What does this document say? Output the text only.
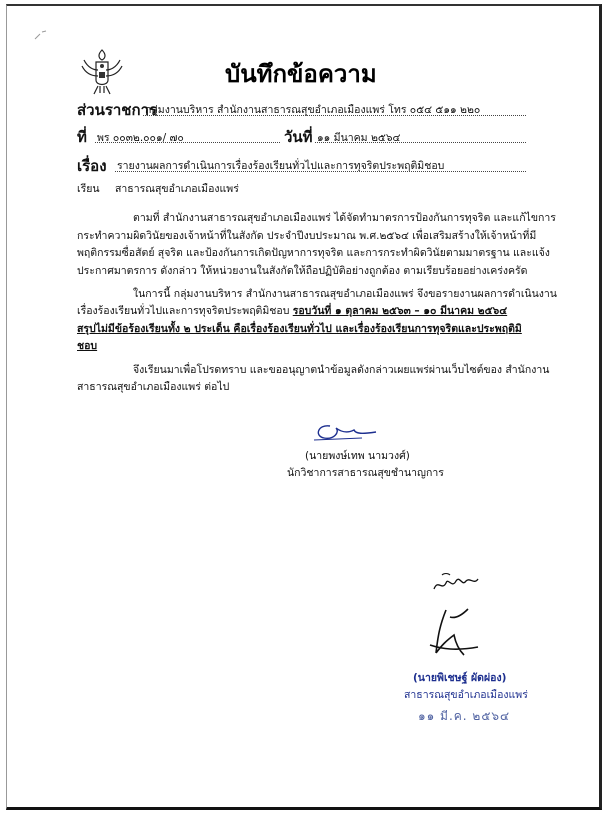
บันทึกข้อความ
ส่วนราชการ
กลุ่มงานบริหาร สำนักงานสาธารณสุขอำเภอเมืองแพร่ โทร ๐๕๔ ๕๑๑ ๒๒๐
ที่ พร ๐๐๓๒.๐๐๑/ ๗๐	วันที่ ๑๑ มีนาคม ๒๕๖๔
เรื่อง รายงานผลการดำเนินการเรื่องร้องเรียนทั่วไปและการทุจริตประพฤติมิชอบ
เรียน สาธารณสุขอำเภอเมืองแพร่
ตามที่ สำนักงานสาธารณสุขอำเภอเมืองแพร่ ได้จัดทำมาตรการป้องกันการทุจริต และแก้ไขการ
กระทำความผิดวินัยของเจ้าหน้าที่ในสังกัด ประจำปีงบประมาณ พ.ศ.๒๕๖๔ เพื่อเสริมสร้างให้เจ้าหน้าที่มี
พฤติกรรมซื่อสัตย์ สุจริต และป้องกันการเกิดปัญหาการทุจริต และการกระทำผิดวินัยตามมาตรฐาน และแจ้ง
ประกาศมาตรการ ดังกล่าว ให้หน่วยงานในสังกัดให้ถือปฏิบัติอย่างถูกต้อง ตามเรียบร้อยอย่างเคร่งครัด
ในการนี้ กลุ่มงานบริหาร สำนักงานสาธารณสุขอำเภอเมืองแพร่ จึงขอรายงานผลการดำเนินงาน
เรื่องร้องเรียนทั่วไปและการทุจริตประพฤติมิชอบ รอบวันที่ ๑ ตุลาคม ๒๕๖๓ – ๑๐ มีนาคม ๒๕๖๔
สรุปไม่มีข้อร้องเรียนทั้ง ๒ ประเด็น คือเรื่องร้องเรียนทั่วไป และเรื่องร้องเรียนการทุจริตและประพฤติมิ
ชอบ
จึงเรียนมาเพื่อโปรดทราบ และขออนุญาตนำข้อมูลดังกล่าวเผยแพร่ผ่านเว็บไซต์ของ สำนักงาน
สาธารณสุขอำเภอเมืองแพร่ ต่อไป
(นายพงษ์เทพ นามวงศ์)
นักวิชาการสาธารณสุขชำนาญการ
(นายพิเชษฐ์ ผัดผ่อง)
สาธารณสุขอำเภอเมืองแพร่
๑๑ มี.ค. ๒๕๖๔
